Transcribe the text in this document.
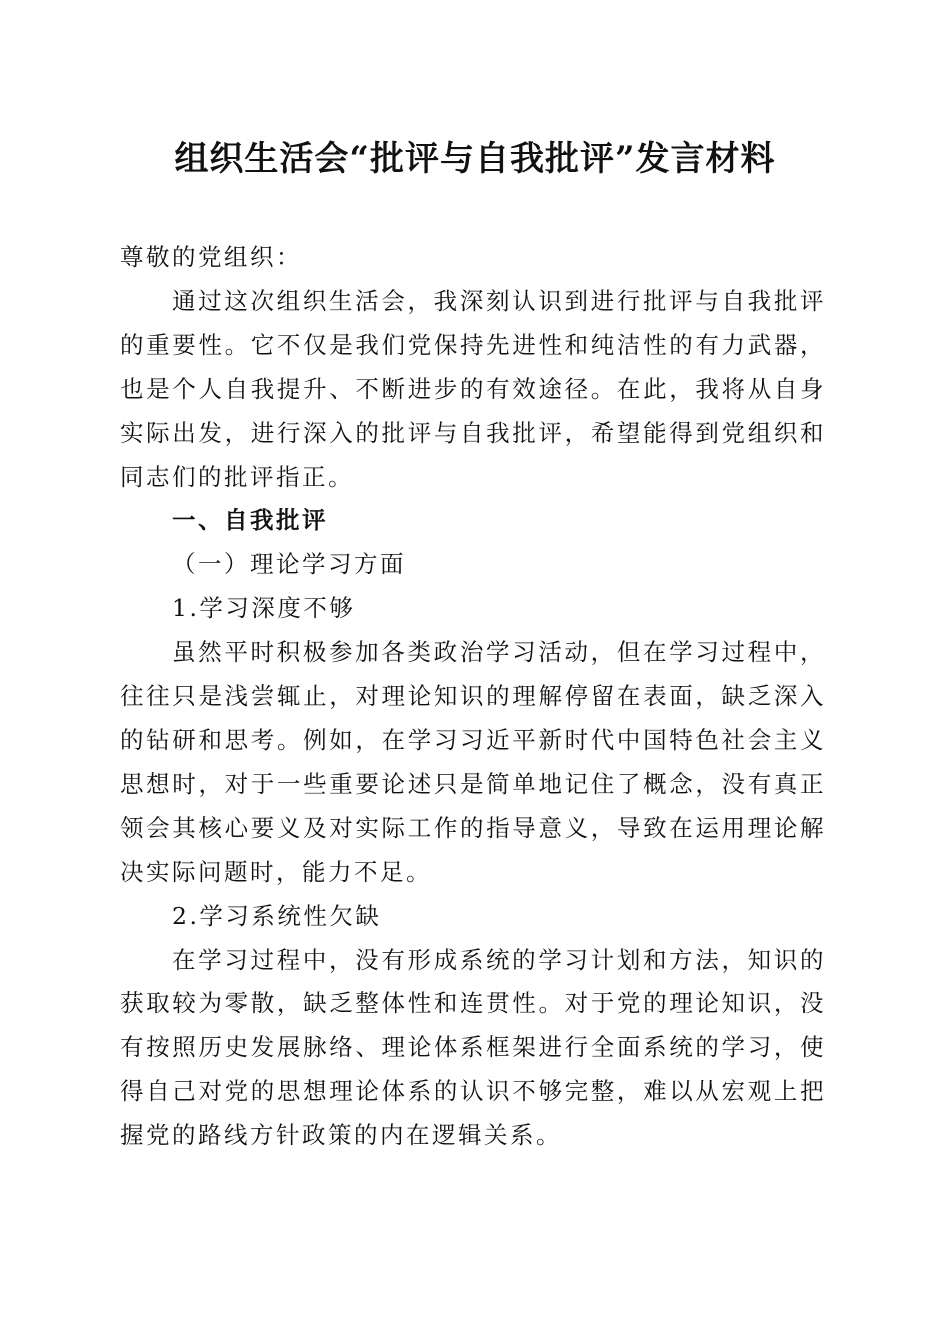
组织生活会“批评与自我批评”发言材料

尊敬的党组织：

通过这次组织生活会，我深刻认识到进行批评与自我批评的重要性。它不仅是我们党保持先进性和纯洁性的有力武器，也是个人自我提升、不断进步的有效途径。在此，我将从自身实际出发，进行深入的批评与自我批评，希望能得到党组织和同志们的批评指正。

一、自我批评

（一）理论学习方面

1.学习深度不够

虽然平时积极参加各类政治学习活动，但在学习过程中，往往只是浅尝辄止，对理论知识的理解停留在表面，缺乏深入的钻研和思考。例如，在学习习近平新时代中国特色社会主义思想时，对于一些重要论述只是简单地记住了概念，没有真正领会其核心要义及对实际工作的指导意义，导致在运用理论解决实际问题时，能力不足。

2.学习系统性欠缺

在学习过程中，没有形成系统的学习计划和方法，知识的获取较为零散，缺乏整体性和连贯性。对于党的理论知识，没有按照历史发展脉络、理论体系框架进行全面系统的学习，使得自己对党的思想理论体系的认识不够完整，难以从宏观上把握党的路线方针政策的内在逻辑关系。
